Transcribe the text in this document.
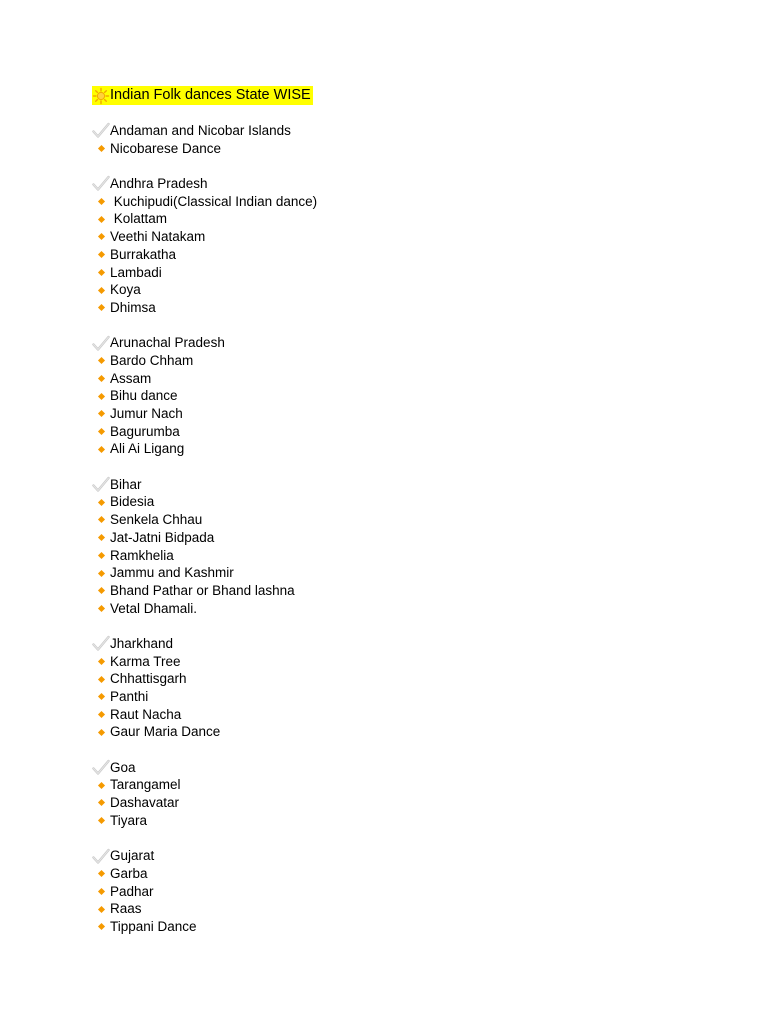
Indian Folk dances State WISE
Andaman and Nicobar Islands
Nicobarese Dance
Andhra Pradesh
Kuchipudi(Classical Indian dance)
Kolattam
Veethi Natakam
Burrakatha
Lambadi
Koya
Dhimsa
Arunachal Pradesh
Bardo Chham
Assam
Bihu dance
Jumur Nach
Bagurumba
Ali Ai Ligang
Bihar
Bidesia
Senkela Chhau
Jat-Jatni Bidpada
Ramkhelia
Jammu and Kashmir
Bhand Pathar or Bhand lashna
Vetal Dhamali.
Jharkhand
Karma Tree
Chhattisgarh
Panthi
Raut Nacha
Gaur Maria Dance
Goa
Tarangamel
Dashavatar
Tiyara
Gujarat
Garba
Padhar
Raas
Tippani Dance
